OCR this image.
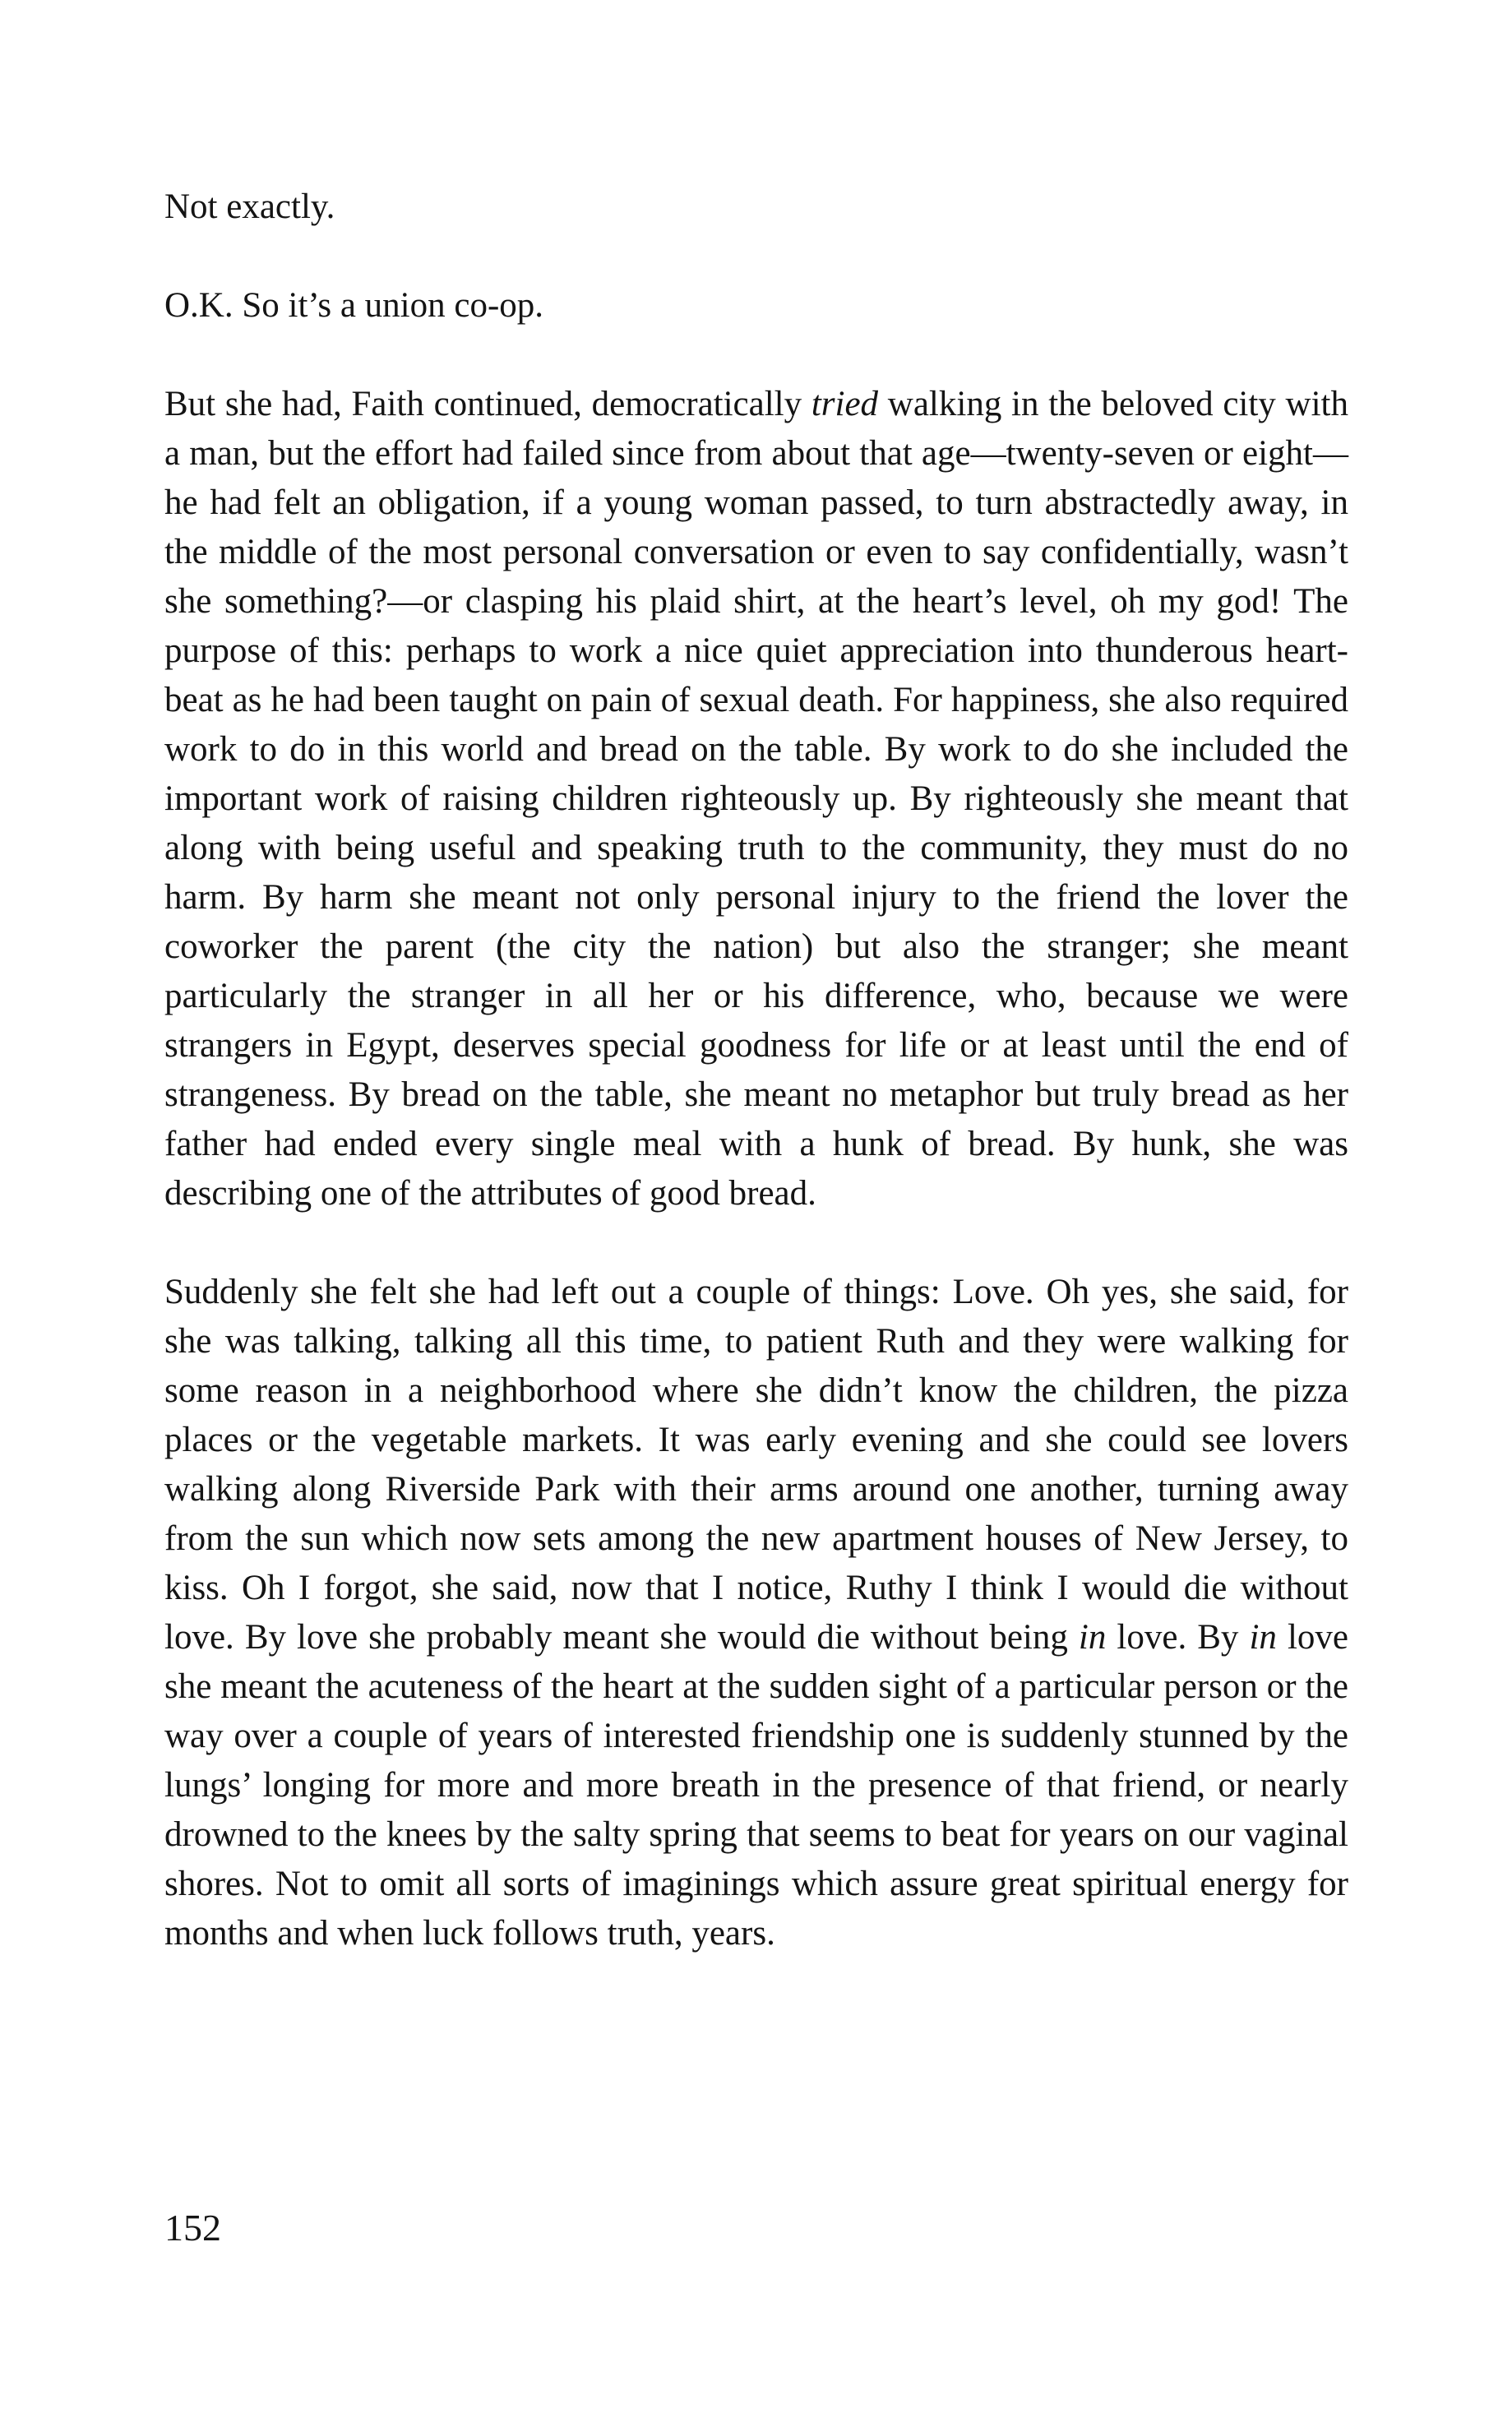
Not exactly.

O.K. So it’s a union co-op.

But she had, Faith continued, democratically tried walking in the beloved city with a man, but the effort had failed since from about that age—twenty-seven or eight—he had felt an obligation, if a young woman passed, to turn abstractedly away, in the middle of the most personal conversation or even to say confidentially, wasn’t she something?—or clasping his plaid shirt, at the heart’s level, oh my god! The purpose of this: perhaps to work a nice quiet appreciation into thunderous heart-beat as he had been taught on pain of sexual death. For happiness, she also required work to do in this world and bread on the table. By work to do she included the important work of raising children righteously up. By righteously she meant that along with being useful and speaking truth to the community, they must do no harm. By harm she meant not only personal injury to the friend the lover the coworker the parent (the city the nation) but also the stranger; she meant particularly the stranger in all her or his difference, who, because we were strangers in Egypt, deserves special goodness for life or at least until the end of strangeness. By bread on the table, she meant no metaphor but truly bread as her father had ended every single meal with a hunk of bread. By hunk, she was describing one of the attributes of good bread.

Suddenly she felt she had left out a couple of things: Love. Oh yes, she said, for she was talking, talking all this time, to patient Ruth and they were walking for some reason in a neighborhood where she didn’t know the children, the pizza places or the vegetable markets. It was early evening and she could see lovers walking along Riverside Park with their arms around one another, turning away from the sun which now sets among the new apartment houses of New Jersey, to kiss. Oh I forgot, she said, now that I notice, Ruthy I think I would die without love. By love she probably meant she would die without being in love. By in love she meant the acuteness of the heart at the sudden sight of a particular person or the way over a couple of years of interested friendship one is suddenly stunned by the lungs’ longing for more and more breath in the presence of that friend, or nearly drowned to the knees by the salty spring that seems to beat for years on our vaginal shores. Not to omit all sorts of imaginings which assure great spiritual energy for months and when luck follows truth, years.

152
